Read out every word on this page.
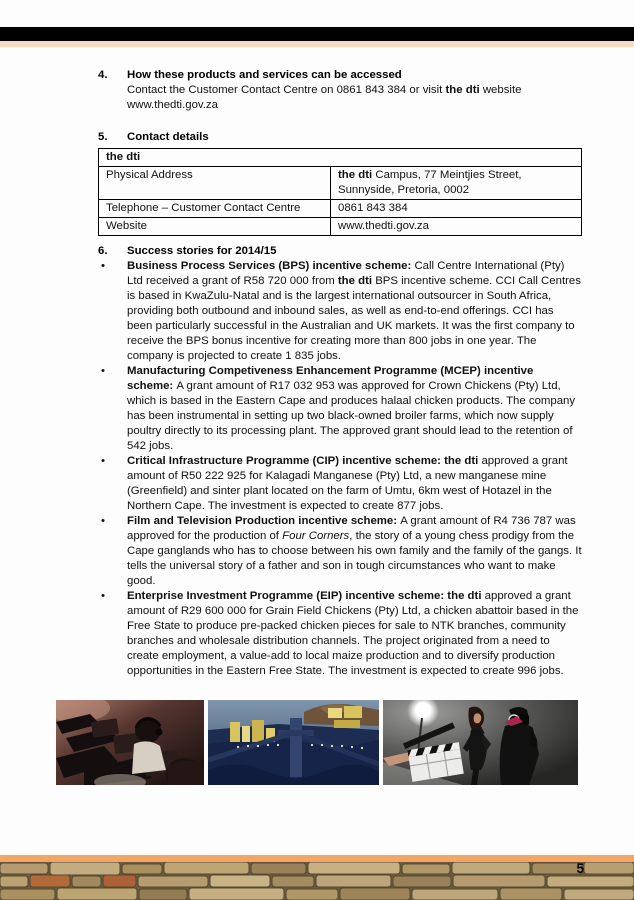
4. How these products and services can be accessed
Contact the Customer Contact Centre on 0861 843 384 or visit the dti website
www.thedti.gov.za
5. Contact details
the dti	
Physical Address	the dti Campus, 77 Meintjies Street, Sunnyside, Pretoria, 0002
Telephone – Customer Contact Centre	0861 843 384
Website	www.thedti.gov.za
6. Success stories for 2014/15
• Business Process Services (BPS) incentive scheme: Call Centre International (Pty) Ltd received a grant of R58 720 000 from the dti BPS incentive scheme. CCI Call Centres is based in KwaZulu-Natal and is the largest international outsourcer in South Africa, providing both outbound and inbound sales, as well as end-to-end offerings. CCI has been particularly successful in the Australian and UK markets. It was the first company to receive the BPS bonus incentive for creating more than 800 jobs in one year. The company is projected to create 1 835 jobs.
• Manufacturing Competiveness Enhancement Programme (MCEP) incentive scheme: A grant amount of R17 032 953 was approved for Crown Chickens (Pty) Ltd, which is based in the Eastern Cape and produces halaal chicken products. The company has been instrumental in setting up two black-owned broiler farms, which now supply poultry directly to its processing plant. The approved grant should lead to the retention of 542 jobs.
• Critical Infrastructure Programme (CIP) incentive scheme: the dti approved a grant amount of R50 222 925 for Kalagadi Manganese (Pty) Ltd, a new manganese mine (Greenfield) and sinter plant located on the farm of Umtu, 6km west of Hotazel in the Northern Cape. The investment is expected to create 877 jobs.
• Film and Television Production incentive scheme: A grant amount of R4 736 787 was approved for the production of Four Corners, the story of a young chess prodigy from the Cape ganglands who has to choose between his own family and the family of the gangs. It tells the universal story of a father and son in tough circumstances who want to make good.
• Enterprise Investment Programme (EIP) incentive scheme: the dti approved a grant amount of R29 600 000 for Grain Field Chickens (Pty) Ltd, a chicken abattoir based in the Free State to produce pre-packed chicken pieces for sale to NTK branches, community branches and wholesale distribution channels. The project originated from a need to create employment, a value-add to local maize production and to diversify production opportunities in the Eastern Free State. The investment is expected to create 996 jobs.
5
